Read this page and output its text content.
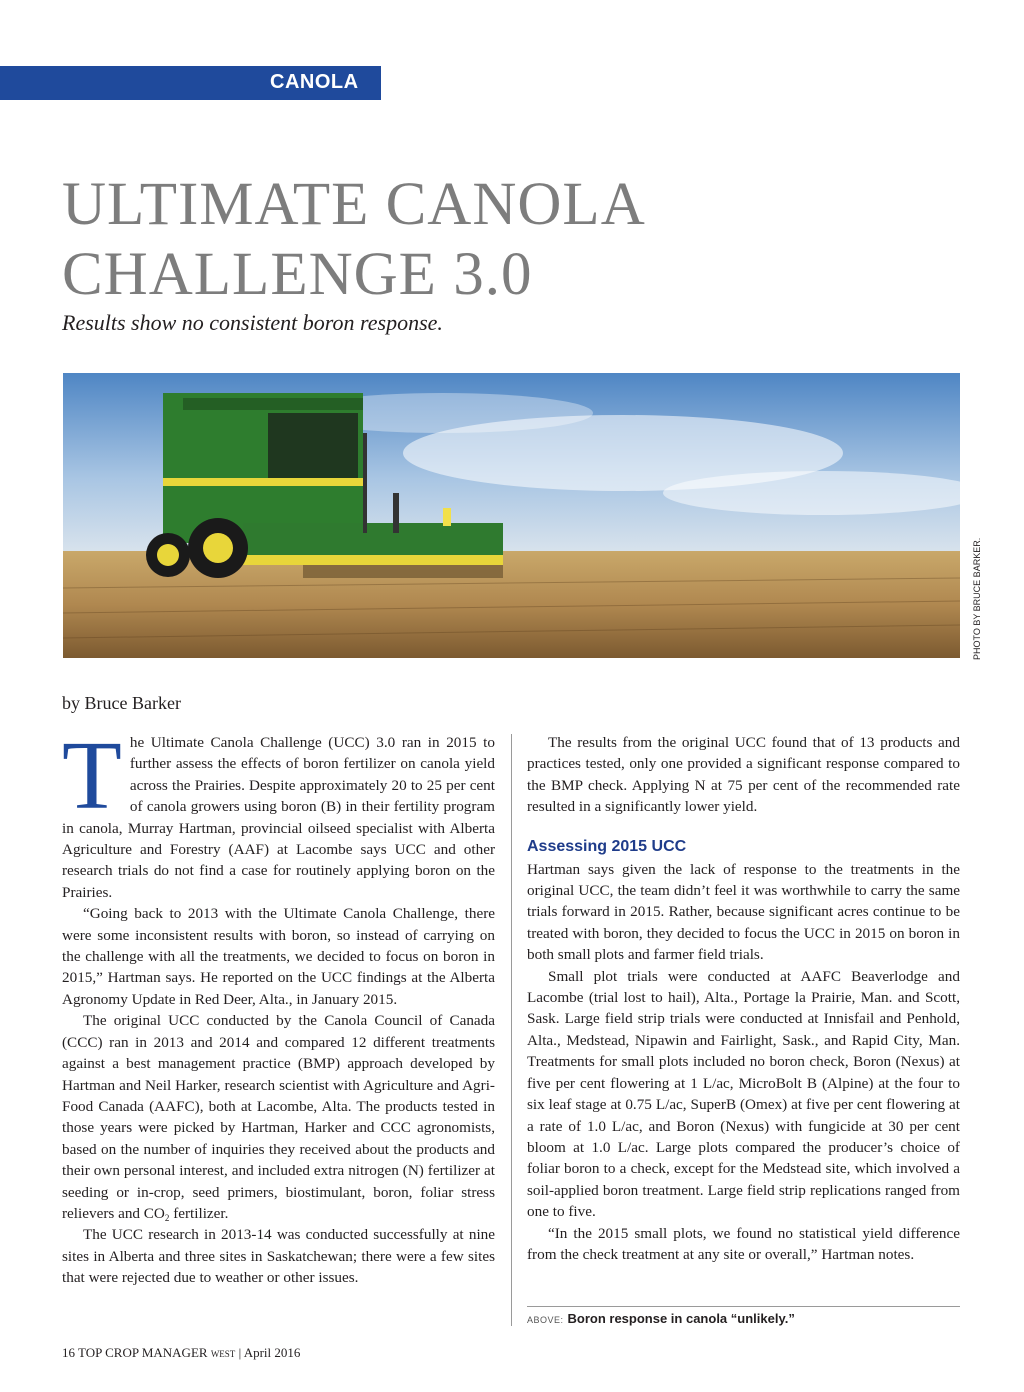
CANOLA
ULTIMATE CANOLA
CHALLENGE 3.0
Results show no consistent boron response.
PHOTO BY BRUCE BARKER.
by Bruce Barker

The Ultimate Canola Challenge (UCC) 3.0 ran in 2015 to further assess the effects of boron fertilizer on canola yield across the Prairies. Despite approximately 20 to 25 per cent of canola growers using boron (B) in their fertility program in canola, Murray Hartman, provincial oilseed specialist with Alberta Agriculture and Forestry (AAF) at Lacombe says UCC and other research trials do not find a case for routinely applying boron on the Prairies.

“Going back to 2013 with the Ultimate Canola Challenge, there were some inconsistent results with boron, so instead of carrying on the challenge with all the treatments, we decided to focus on boron in 2015,” Hartman says. He reported on the UCC findings at the Alberta Agronomy Update in Red Deer, Alta., in January 2015.

The original UCC conducted by the Canola Council of Canada (CCC) ran in 2013 and 2014 and compared 12 different treatments against a best management practice (BMP) approach developed by Hartman and Neil Harker, research scientist with Agriculture and Agri-Food Canada (AAFC), both at Lacombe, Alta. The products tested in those years were picked by Hartman, Harker and CCC agronomists, based on the number of inquiries they received about the products and their own personal interest, and included extra nitrogen (N) fertilizer at seeding or in-crop, seed primers, biostimulant, boron, foliar stress relievers and $CO_2$ fertilizer.

The UCC research in 2013-14 was conducted successfully at nine sites in Alberta and three sites in Saskatchewan; there were a few sites that were rejected due to weather or other issues.

The results from the original UCC found that of 13 products and practices tested, only one provided a significant response compared to the BMP check. Applying N at 75 per cent of the recommended rate resulted in a significantly lower yield.

Assessing 2015 UCC

Hartman says given the lack of response to the treatments in the original UCC, the team didn’t feel it was worthwhile to carry the same trials forward in 2015. Rather, because significant acres continue to be treated with boron, they decided to focus the UCC in 2015 on boron in both small plots and farmer field trials.

Small plot trials were conducted at AAFC Beaverlodge and Lacombe (trial lost to hail), Alta., Portage la Prairie, Man. and Scott, Sask. Large field strip trials were conducted at Innisfail and Penhold, Alta., Medstead, Nipawin and Fairlight, Sask., and Rapid City, Man. Treatments for small plots included no boron check, Boron (Nexus) at five per cent flowering at 1 L/ac, MicroBolt B (Alpine) at the four to six leaf stage at 0.75 L/ac, SuperB (Omex) at five per cent flowering at a rate of 1.0 L/ac, and Boron (Nexus) with fungicide at 30 per cent bloom at 1.0 L/ac. Large plots compared the producer’s choice of foliar boron to a check, except for the Medstead site, which involved a soil-applied boron treatment. Large field strip replications ranged from one to five.

“In the 2015 small plots, we found no statistical yield difference from the check treatment at any site or overall,” Hartman notes.

ABOVE: Boron response in canola “unlikely.”
16 TOP CROP MANAGER WEST | April 2016
